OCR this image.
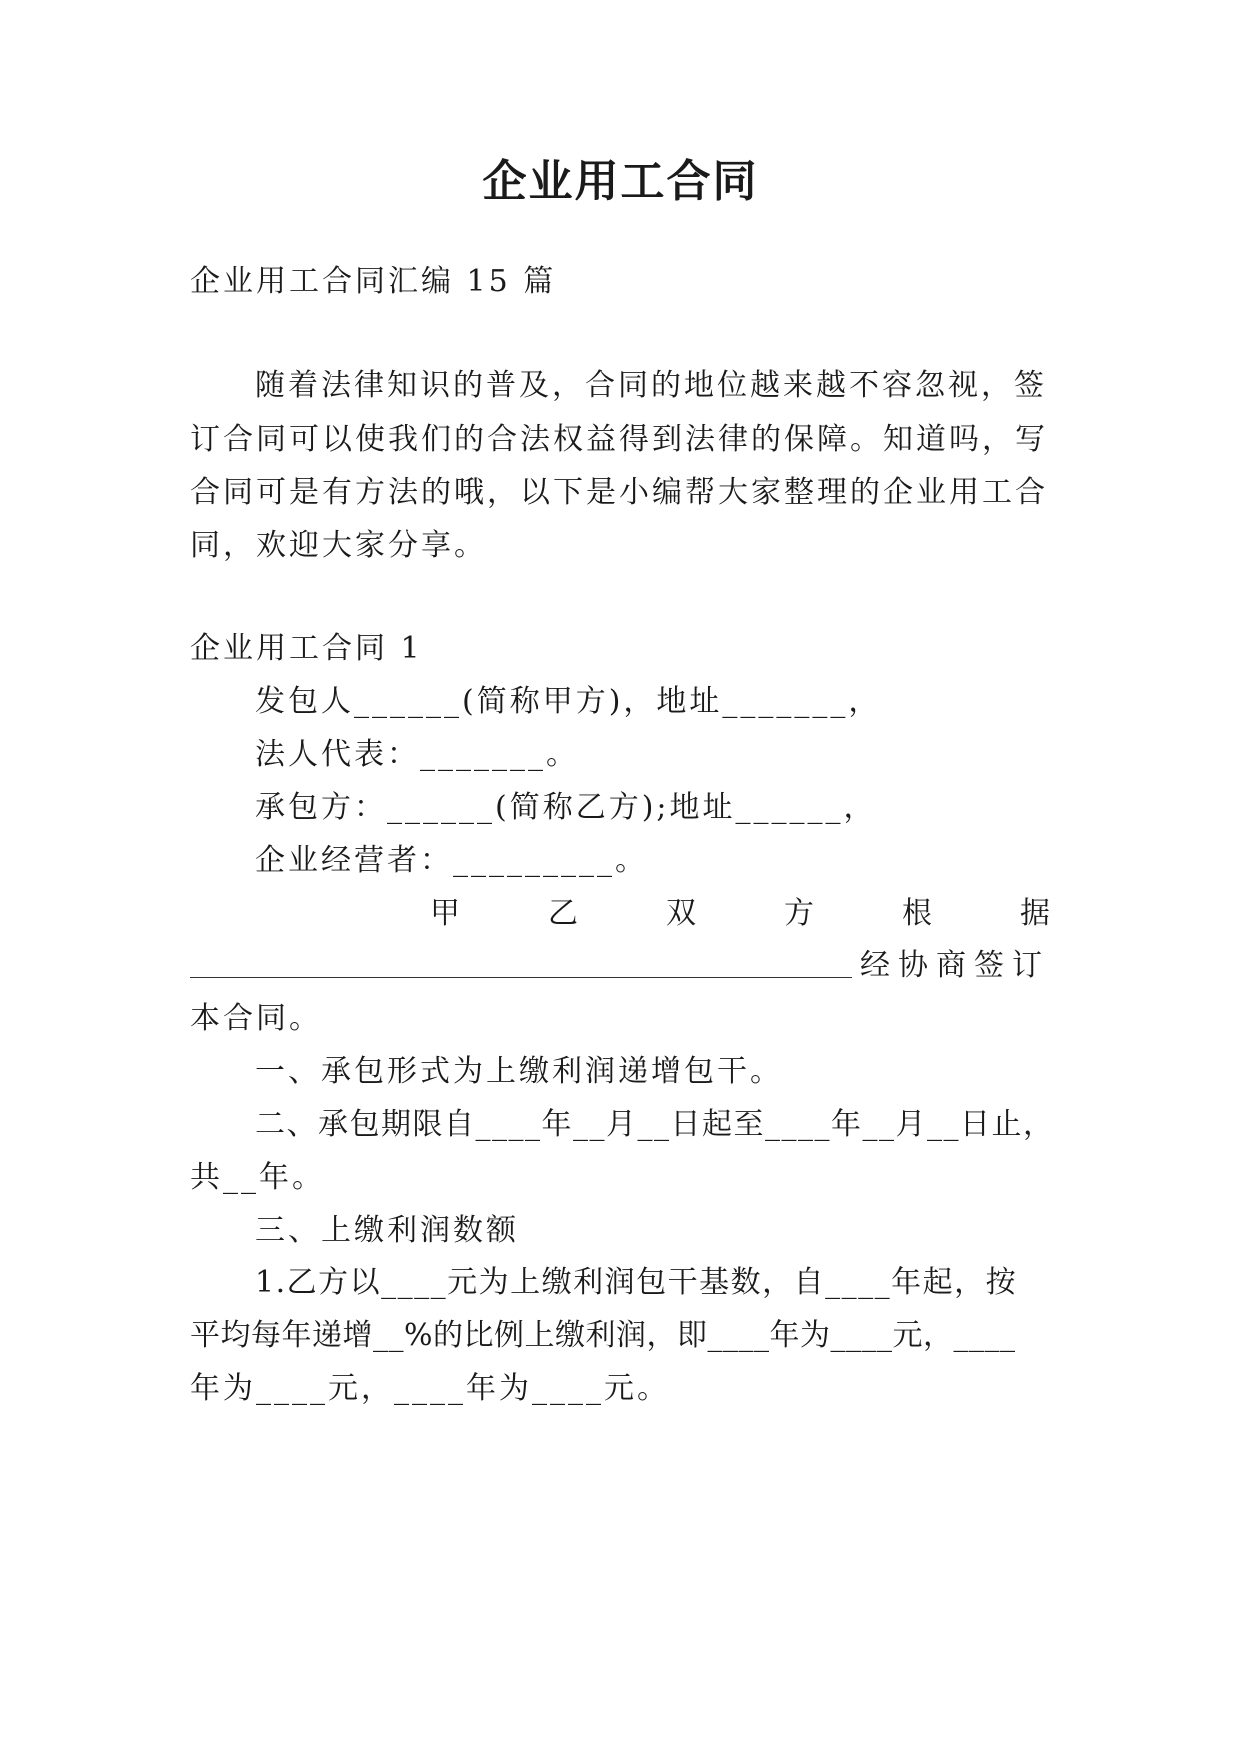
企业用工合同
企业用工合同汇编 15 篇
随着法律知识的普及，合同的地位越来越不容忽视，签
订合同可以使我们的合法权益得到法律的保障。知道吗，写
合同可是有方法的哦，以下是小编帮大家整理的企业用工合
同，欢迎大家分享。
企业用工合同 1
发包人______(简称甲方)，地址_______，
法人代表：_______。
承包方：______(简称乙方);地址______，
企业经营者：_________。
甲	乙	双	方	根	据
经协商签订
本合同。
一、承包形式为上缴利润递增包干。
二、承包期限自____年__月__日起至____年__月__日止，
共__年。
三、上缴利润数额
1.乙方以____元为上缴利润包干基数，自____年起，按
平均每年递增__%的比例上缴利润，即____年为____元，____
年为____元，____年为____元。
